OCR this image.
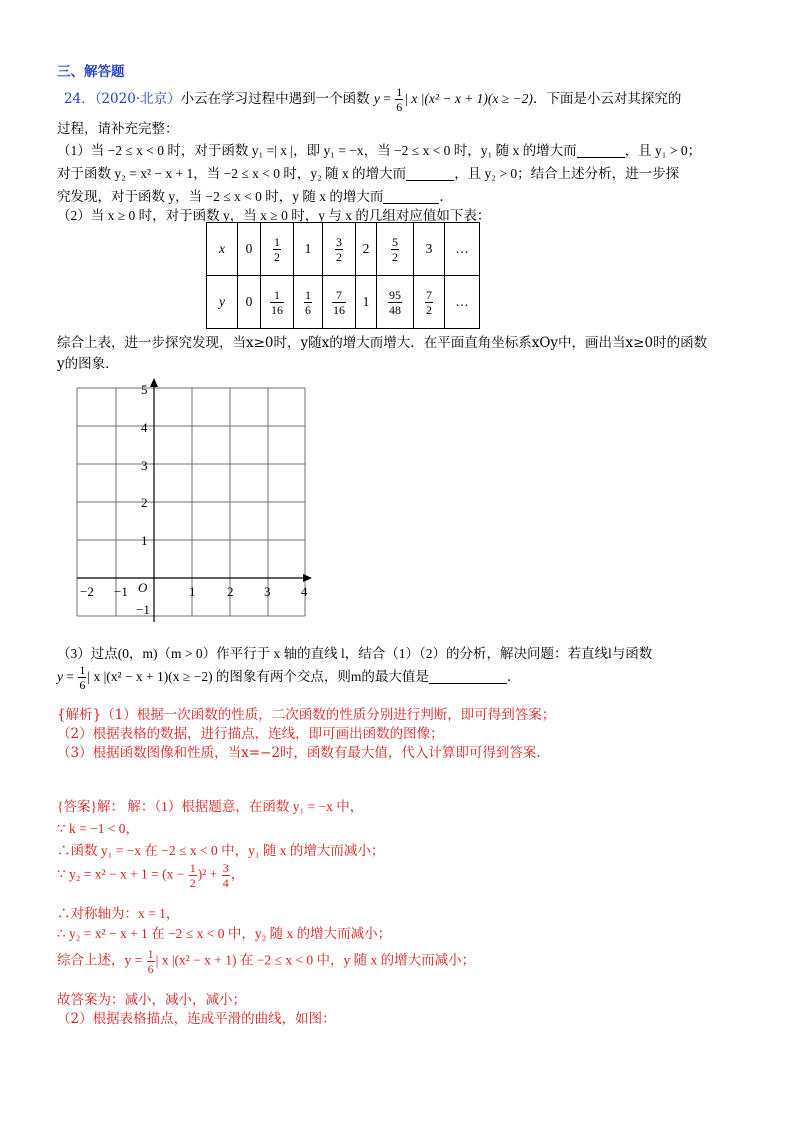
三、解答题
24．（2020·北京）小云在学习过程中遇到一个函数 $y = \frac{1}{6}$ | x |(x² − x + 1)(x ≥ −2)．下面是小云对其探究的
过程，请补充完整：
（1）当 −2 ≤ x < 0 时，对于函数 y₁ =| x |，即 y₁ = −x，当 −2 ≤ x < 0 时，y₁ 随 x 的增大而	，且 y₁ > 0；
对于函数 y₂ = x² − x + 1，当 −2 ≤ x < 0 时，y₂ 随 x 的增大而	，且 y₂ > 0；结合上述分析，进一步探
究发现，对于函数 y，当 −2 ≤ x < 0 时，y 随 x 的增大而	．
（2）当 x ≥ 0 时，对于函数 y，当 x ≥ 0 时，y 与 x 的几组对应值如下表：
x	0	$\frac{1}{2}$	1	$\frac{3}{2}$	2	$\frac{5}{2}$	3	…
y	0	$\frac{1}{16}$	$\frac{1}{6}$	$\frac{7}{16}$	1	$\frac{95}{48}$	$\frac{7}{2}$	…
综合上表，进一步探究发现，当x≥0时，y随x的增大而增大．在平面直角坐标系xOy中，画出当x≥0时的函数
y的图象．
−2 −1	1 2 3 4
1
2
3
4
5
O
−1
（3）过点(0，m)（m > 0）作平行于 x 轴的直线 l，结合（1）（2）的分析，解决问题：若直线l与函数
$y = \frac{1}{6}$ | x |(x² − x + 1)(x ≥ −2) 的图象有两个交点，则m的最大值是	．
{解析}（1）根据一次函数的性质，二次函数的性质分别进行判断，即可得到答案；
（2）根据表格的数据，进行描点，连线，即可画出函数的图像；
（3）根据函数图像和性质，当x=−2时，函数有最大值，代入计算即可得到答案.
{答案}解： 解：（1）根据题意，在函数 y₁ = −x 中，
∵ k = −1 < 0，
∴函数 y₁ = −x 在 −2 ≤ x < 0 中，y₁ 随 x 的增大而减小；
∵ $y_2 = x^2 - x + 1 = (x - \frac{1}{2} )^2 + \frac{3}{4}$ ，
∴对称轴为：x = 1，
∴ y₂ = x² − x + 1 在 −2 ≤ x < 0 中，y₂ 随 x 的增大而减小；
综合上述，$y = \frac{1}{6}$ | x |(x² − x + 1) 在 −2 ≤ x < 0 中，y 随 x 的增大而减小；
故答案为：减小，减小，减小；
（2）根据表格描点，连成平滑的曲线，如图：
